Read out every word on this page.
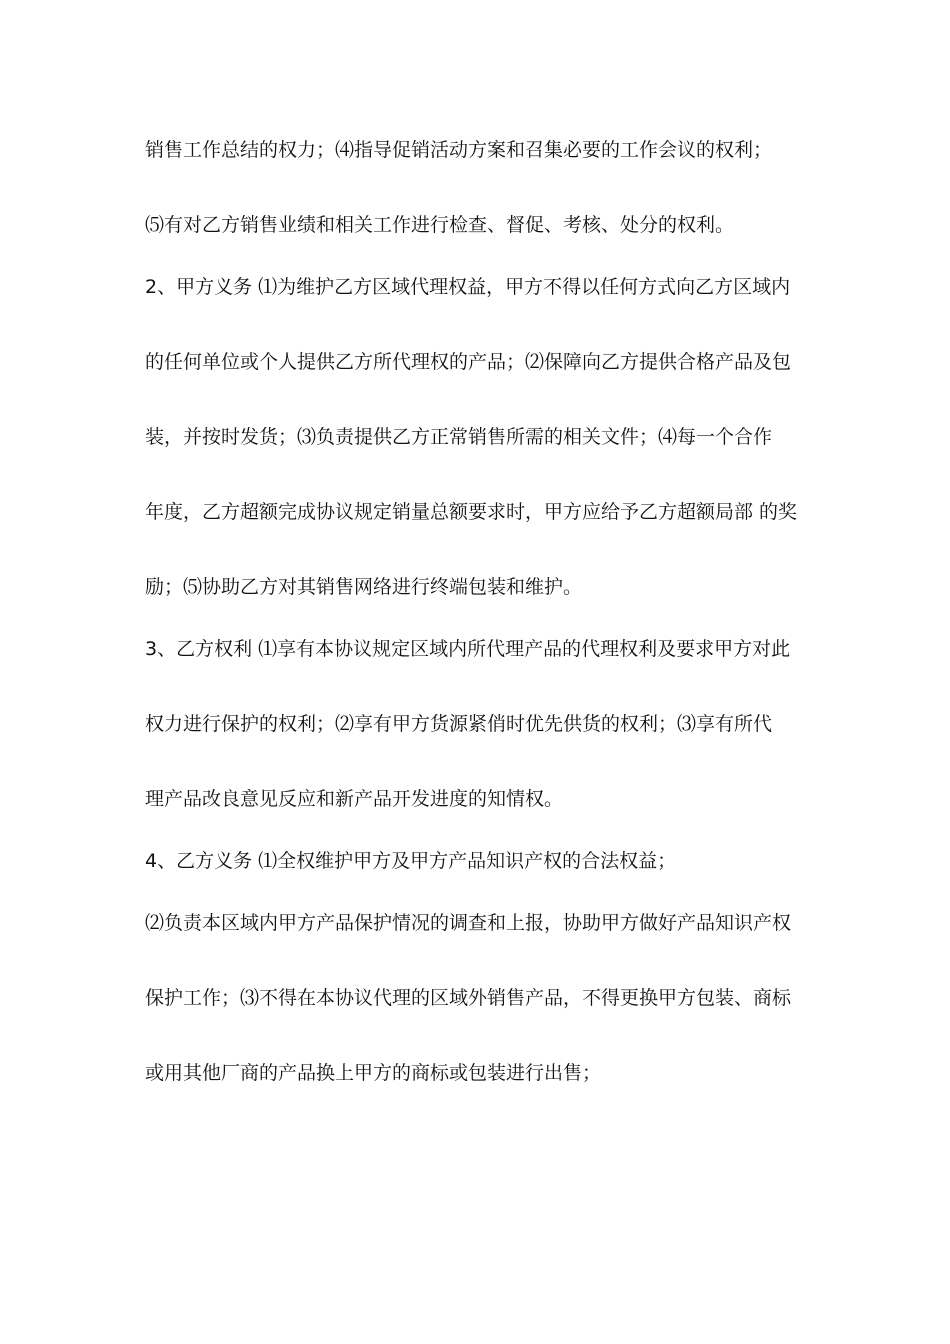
销售工作总结的权力；⑷指导促销活动方案和召集必要的工作会议的权利；
⑸有对乙方销售业绩和相关工作进行检查、督促、考核、处分的权利。
2、甲方义务 ⑴为维护乙方区域代理权益，甲方不得以任何方式向乙方区域内
的任何单位或个人提供乙方所代理权的产品；⑵保障向乙方提供合格产品及包
装，并按时发货；⑶负责提供乙方正常销售所需的相关文件；⑷每一个合作
年度，乙方超额完成协议规定销量总额要求时，甲方应给予乙方超额局部 的奖
励；⑸协助乙方对其销售网络进行终端包装和维护。
3、乙方权利 ⑴享有本协议规定区域内所代理产品的代理权利及要求甲方对此
权力进行保护的权利；⑵享有甲方货源紧俏时优先供货的权利；⑶享有所代
理产品改良意见反应和新产品开发进度的知情权。
4、乙方义务 ⑴全权维护甲方及甲方产品知识产权的合法权益；
⑵负责本区域内甲方产品保护情况的调查和上报，协助甲方做好产品知识产权
保护工作；⑶不得在本协议代理的区域外销售产品，不得更换甲方包装、商标
或用其他厂商的产品换上甲方的商标或包装进行出售；
